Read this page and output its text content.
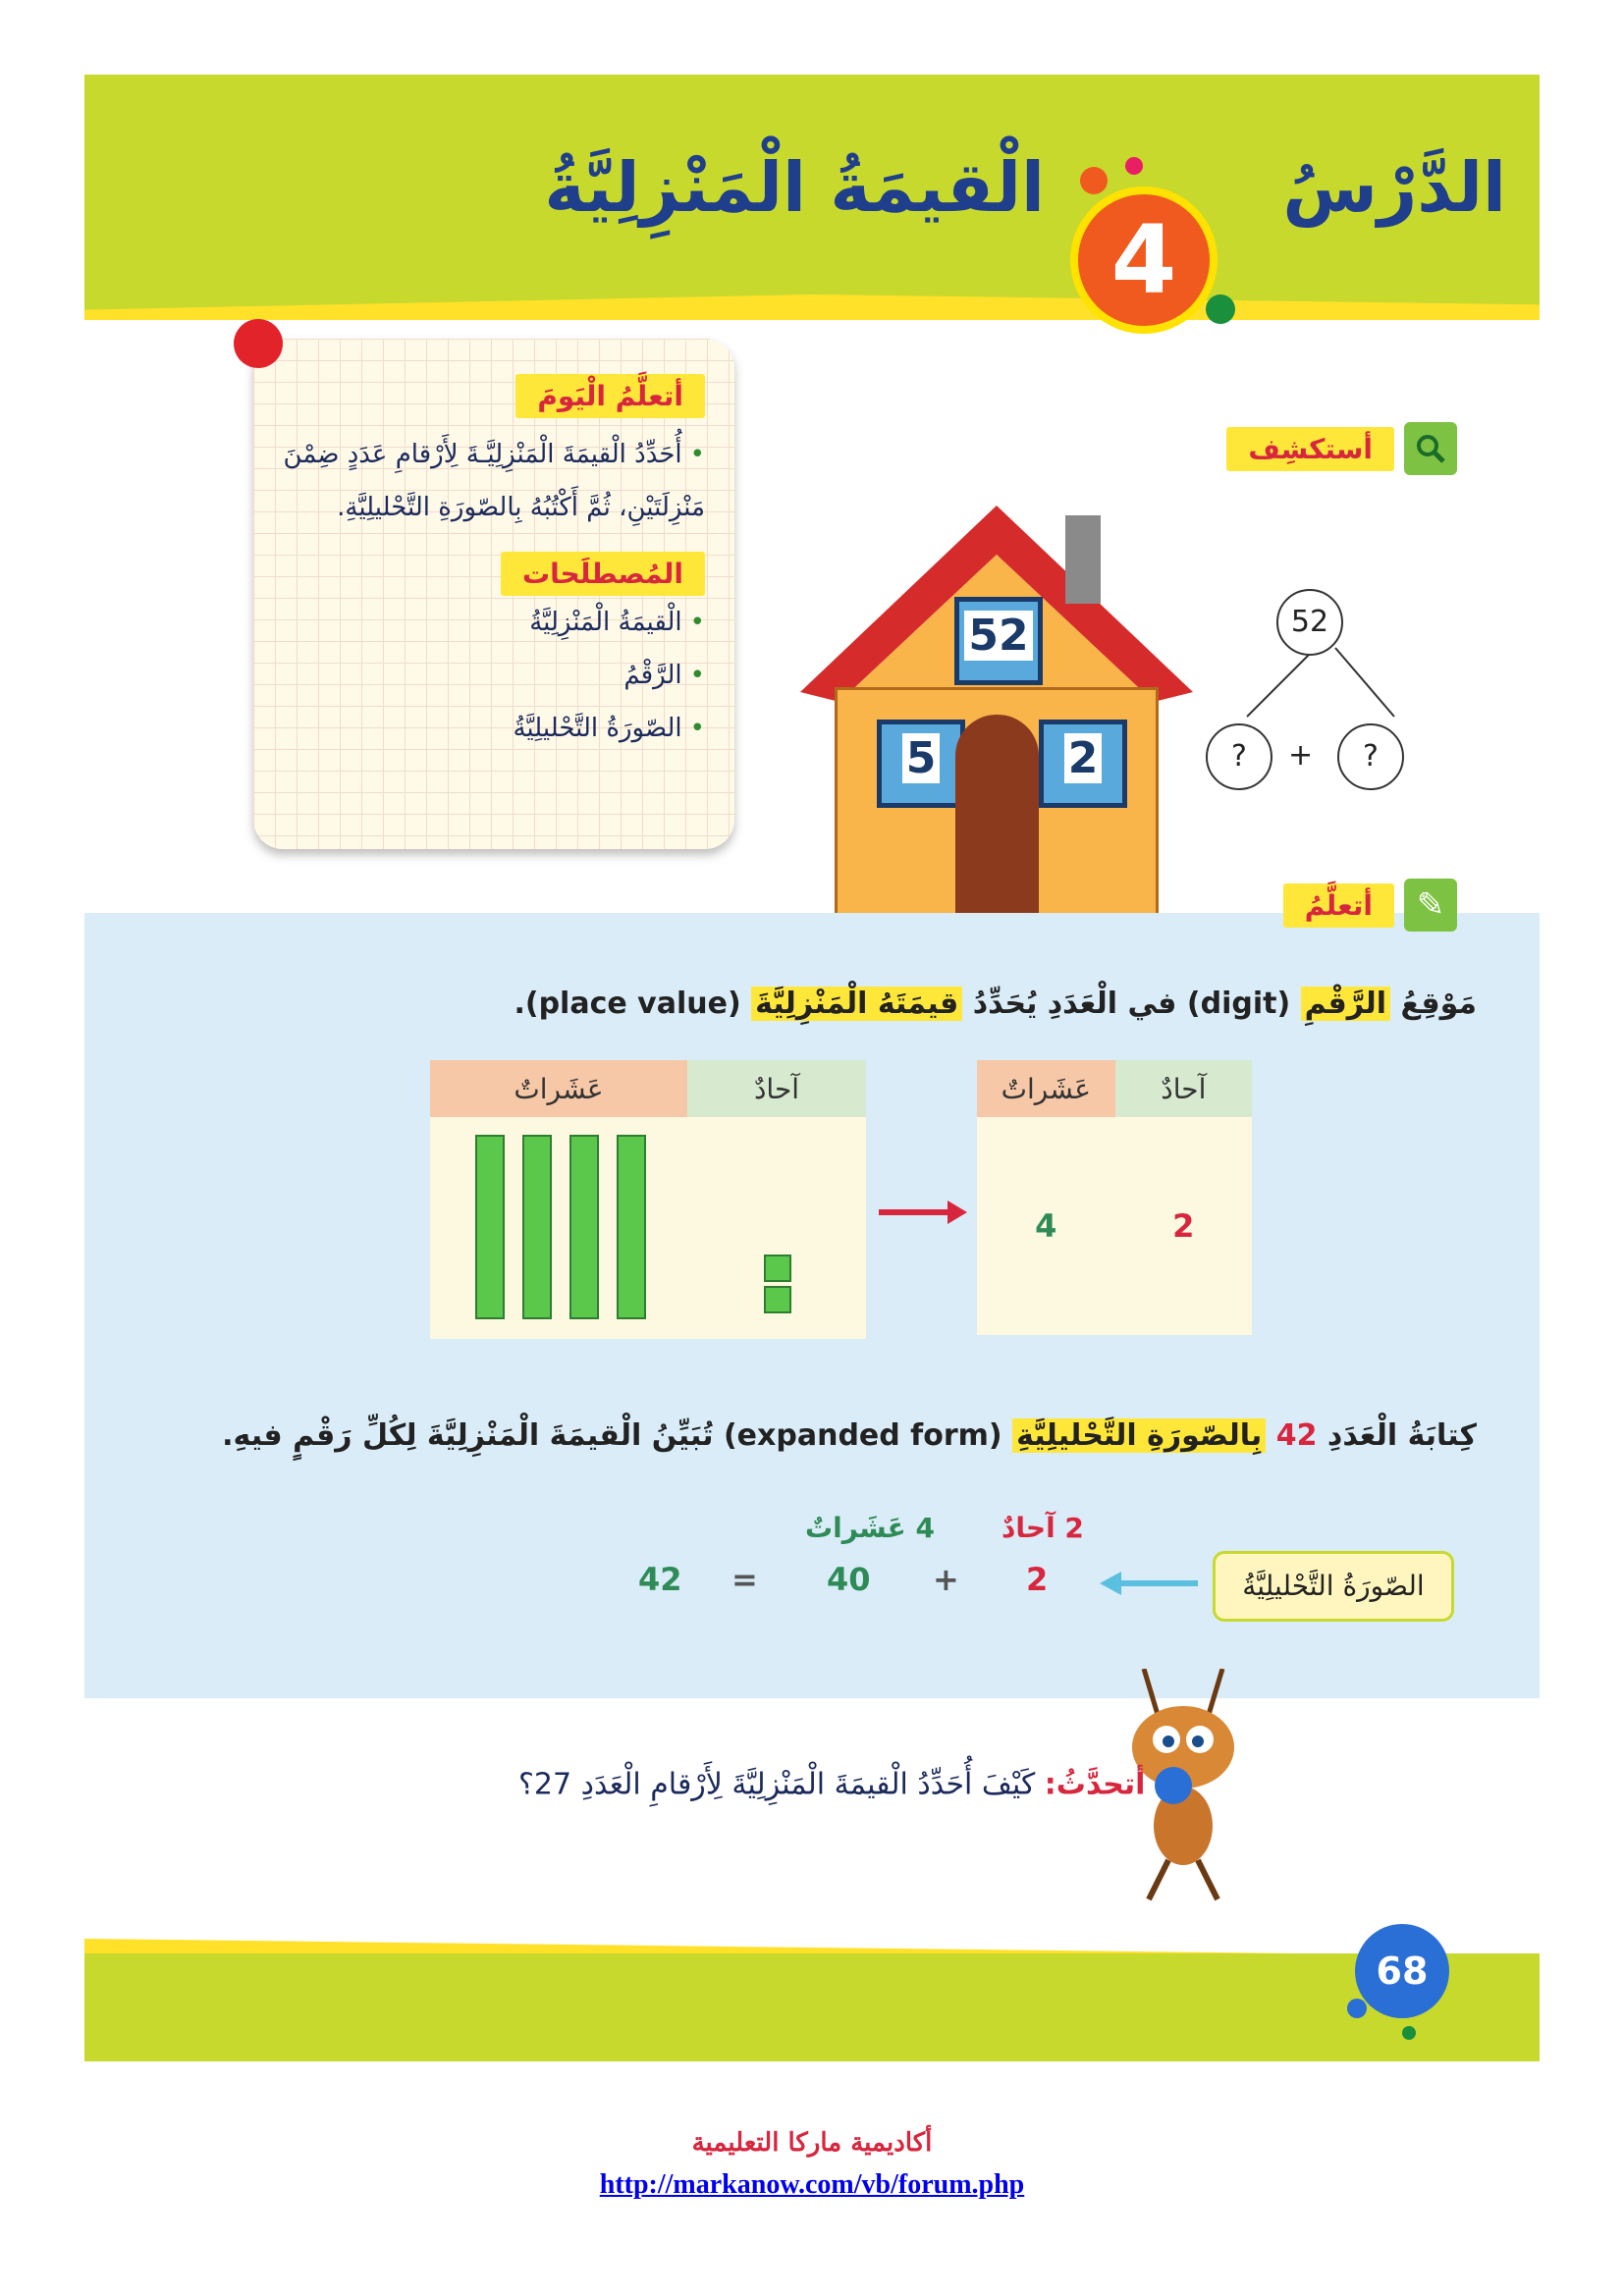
الدَّرْسُ
4
الْقيمَةُ الْمَنْزِلِيَّةُ
أتعلَّمُ الْيَومَ
• أُحَدِّدُ الْقيمَةَ الْمَنْزِلِيَّـةَ لِأَرْقامِ عَدَدٍ ضِمْنَ مَنْزِلَتَيْنِ، ثُمَّ أَكْتُبُهُ بِالصّورَةِ التَّحْليلِيَّةِ.
المُصطلَحات
• الْقيمَةُ الْمَنْزِلِيَّةُ
• الرَّقْمُ
• الصّورَةُ التَّحْليلِيَّةُ
أستكشِف
5	2
52	52
?	+	?
✎
أتعلَّمُ
مَوْقِعُ الرَّقْمِ (digit) في الْعَدَدِ يُحَدِّدُ قيمَتَهُ الْمَنْزِلِيَّةَ (place value).
عَشَراتٌ	آحادٌ
		عَشَراتٌ	آحادٌ
4	2
كِتابَةُ الْعَدَدِ 42 بِالصّورَةِ التَّحْليلِيَّةِ (expanded form) تُبَيِّنُ الْقيمَةَ الْمَنْزِلِيَّةَ لِكُلِّ رَقْمٍ فيهِ.
2 آحادٌ
4 عَشَراتٌ
الصّورَةُ التَّحْليلِيَّةُ
2
+
40
=
42
أتحدَّثُ: كَيْفَ أُحَدِّدُ الْقيمَةَ الْمَنْزِلِيَّةَ لِأَرْقامِ الْعَدَدِ 27؟
68
أكاديمية ماركا التعليمية
http://markanow.com/vb/forum.php
